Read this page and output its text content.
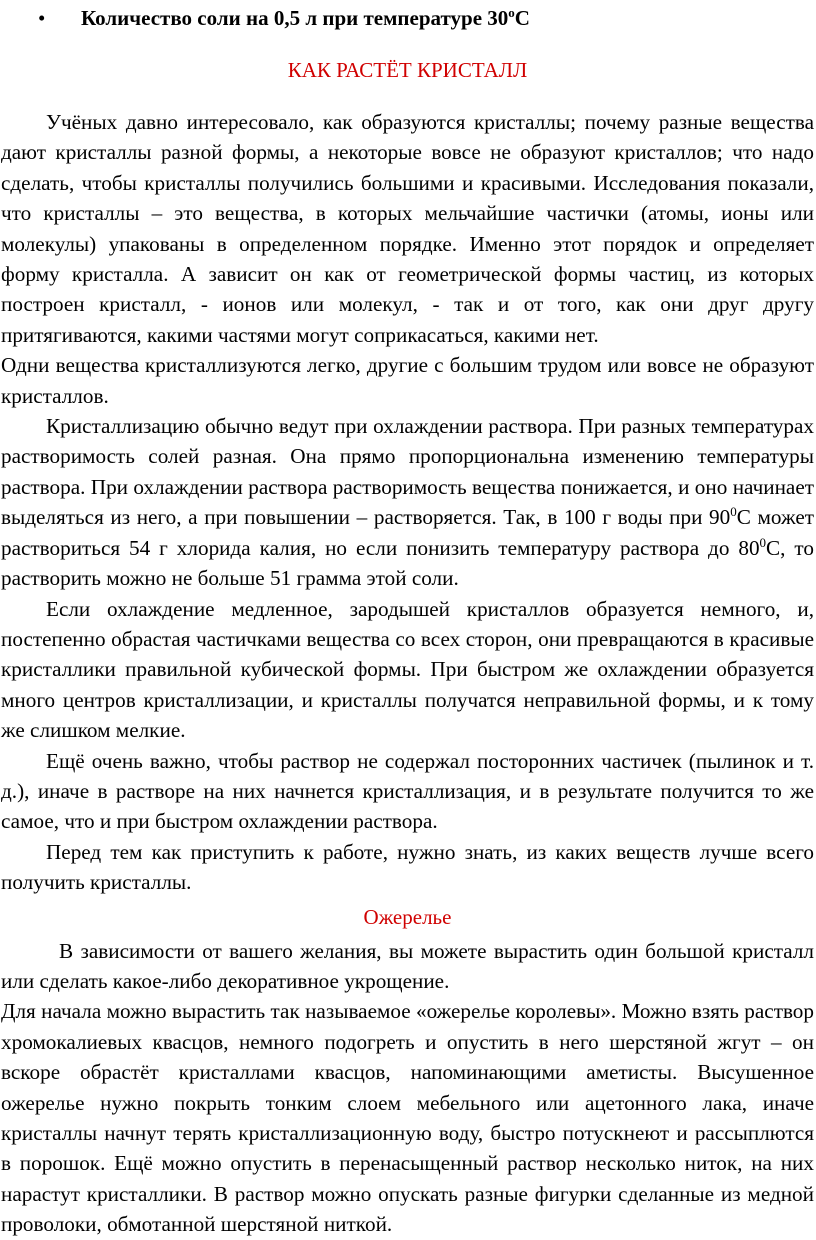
• Количество соли на 0,5 л при температуре $30^оС$
КАК РАСТЁТ КРИСТАЛЛ

Учёных давно интересовало, как образуются кристаллы; почему разные вещества дают кристаллы разной формы, а некоторые вовсе не образуют кристаллов; что надо сделать, чтобы кристаллы получились большими и красивыми. Исследования показали, что кристаллы – это вещества, в которых мельчайшие частички (атомы, ионы или молекулы) упакованы в определенном порядке. Именно этот порядок и определяет форму кристалла. А зависит он как от геометрической формы частиц, из которых построен кристалл, - ионов или молекул, - так и от того, как они друг другу притягиваются, какими частями могут соприкасаться, какими нет.

Одни вещества кристаллизуются легко, другие с большим трудом или вовсе не образуют кристаллов.

Кристаллизацию обычно ведут при охлаждении раствора. При разных температурах растворимость солей разная. Она прямо пропорциональна изменению температуры раствора. При охлаждении раствора растворимость вещества понижается, и оно начинает выделяться из него, а при повышении – растворяется. Так, в 100 г воды при $90^0С$ может раствориться 54 г хлорида калия, но если понизить температуру раствора до $80^0С$, то растворить можно не больше 51 грамма этой соли.

Если охлаждение медленное, зародышей кристаллов образуется немного, и, постепенно обрастая частичками вещества со всех сторон, они превращаются в красивые кристаллики правильной кубической формы. При быстром же охлаждении образуется много центров кристаллизации, и кристаллы получатся неправильной формы, и к тому же слишком мелкие.

Ещё очень важно, чтобы раствор не содержал посторонних частичек (пылинок и т. д.), иначе в растворе на них начнется кристаллизация, и в результате получится то же самое, что и при быстром охлаждении раствора.

Перед тем как приступить к работе, нужно знать, из каких веществ лучше всего получить кристаллы.

Ожерелье

В зависимости от вашего желания, вы можете вырастить один большой кристалл или сделать какое-либо декоративное укрощение.

Для начала можно вырастить так называемое «ожерелье королевы». Можно взять раствор хромокалиевых квасцов, немного подогреть и опустить в него шерстяной жгут – он вскоре обрастёт кристаллами квасцов, напоминающими аметисты. Высушенное ожерелье нужно покрыть тонким слоем мебельного или ацетонного лака, иначе кристаллы начнут терять кристаллизационную воду, быстро потускнеют и рассыплются в порошок. Ещё можно опустить в перенасыщенный раствор несколько ниток, на них нарастут кристаллики. В раствор можно опускать разные фигурки сделанные из медной проволоки, обмотанной шерстяной ниткой.
